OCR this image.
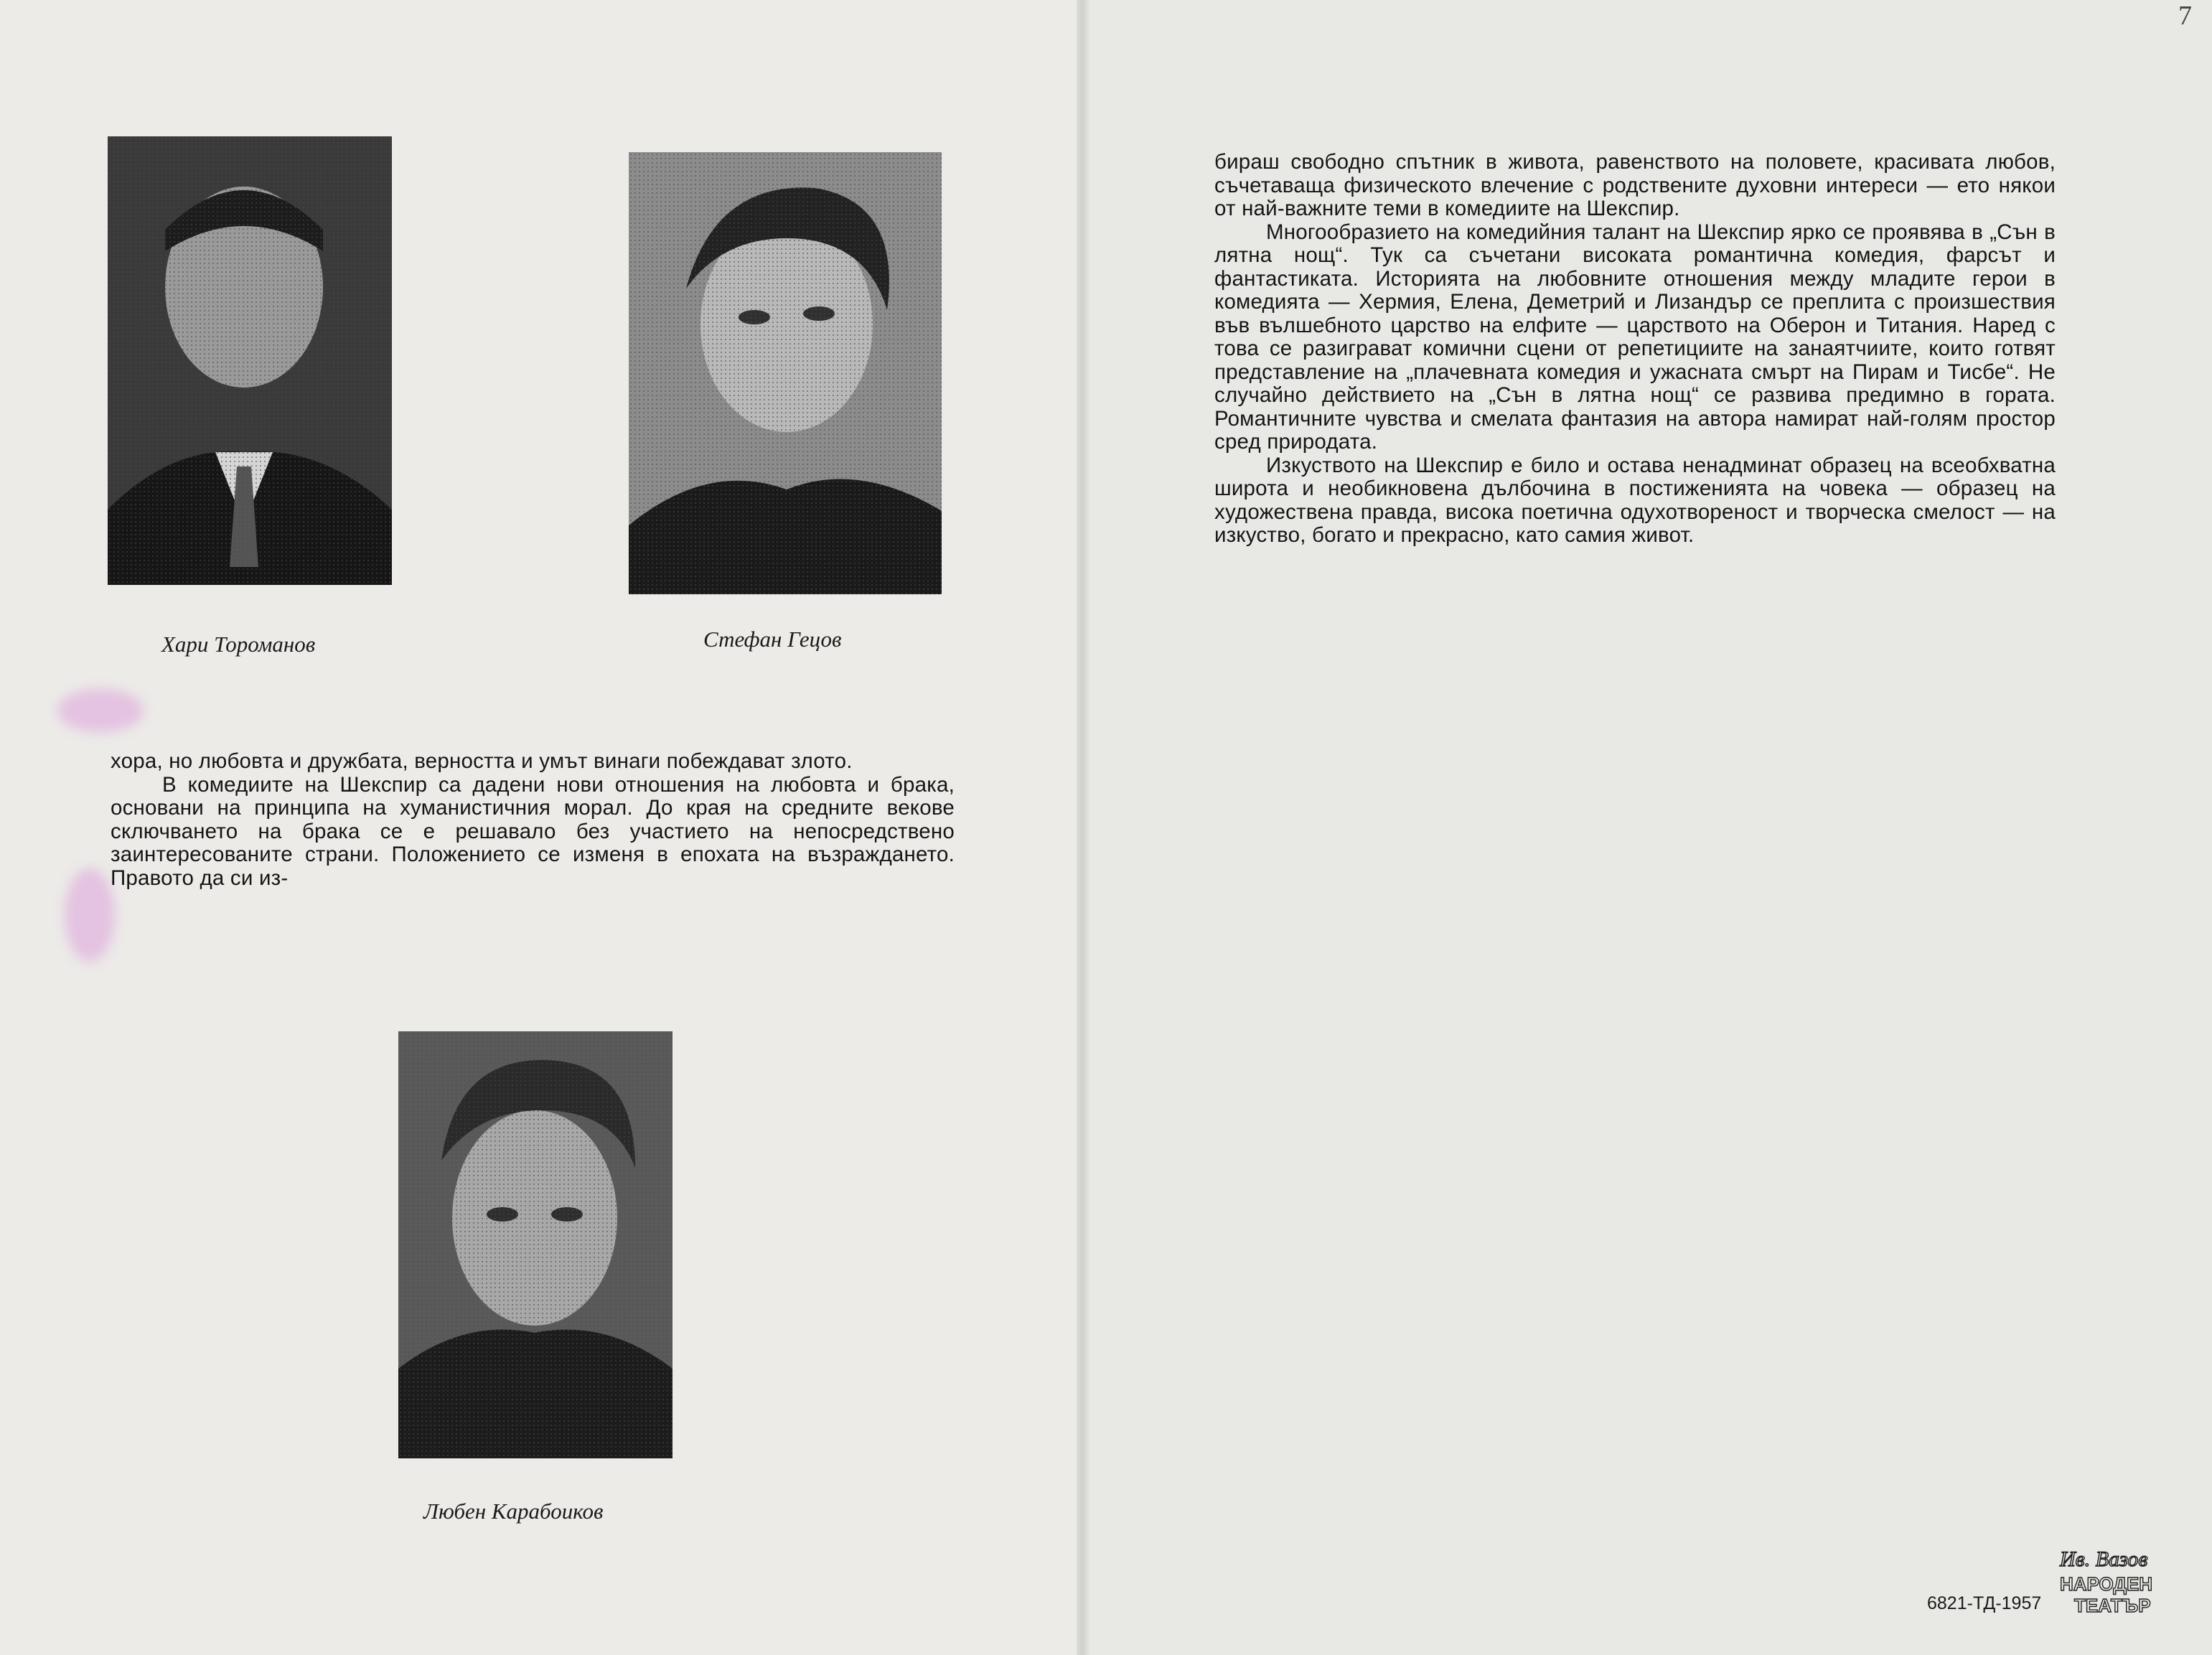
Хари Тороманов	Стефан Гецов
Любен Карабоиков

хора, но любовта и дружбата, верността и умът винаги побеждават злото.

В комедиите на Шекспир са дадени нови отношения на любовта и брака, основани на принципа на хуманистичния морал. До края на средните векове сключването на брака се е решавало без участието на непосредствено заинтересованите страни. Положението се изменя в епохата на възраждането. Правото да си из-

бираш свободно спътник в живота, равенството на половете, красивата любов, съчетаваща физическото влечение с родствените духовни интереси — ето някои от най-важните теми в комедиите на Шекспир.

Многообразието на комедийния талант на Шекспир ярко се проявява в „Сън в лятна нощ“. Тук са съчетани високата романтична комедия, фарсът и фантастиката. Историята на любовните отношения между младите герои в комедията — Хермия, Елена, Деметрий и Лизандър се преплита с произшествия във вълшебното царство на елфите — царството на Оберон и Титания. Наред с това се разиграват комични сцени от репетициите на занаятчиите, които готвят представление на „плачевната комедия и ужасната смърт на Пирам и Тисбе“. Не случайно действието на „Сън в лятна нощ“ се развива предимно в гората. Романтичните чувства и смелата фантазия на автора намират най-голям простор сред природата.

Изкуството на Шекспир е било и остава ненадминат образец на всеобхватна широта и необикновена дълбочина в постиженията на човека — образец на художествена правда, висока поетична одухотвореност и творческа смелост — на изкуство, богато и прекрасно, като самия живот.

6821-ТД-1957
7
Ив. Вазов
НАРОДЕН
ТЕАТЪР
